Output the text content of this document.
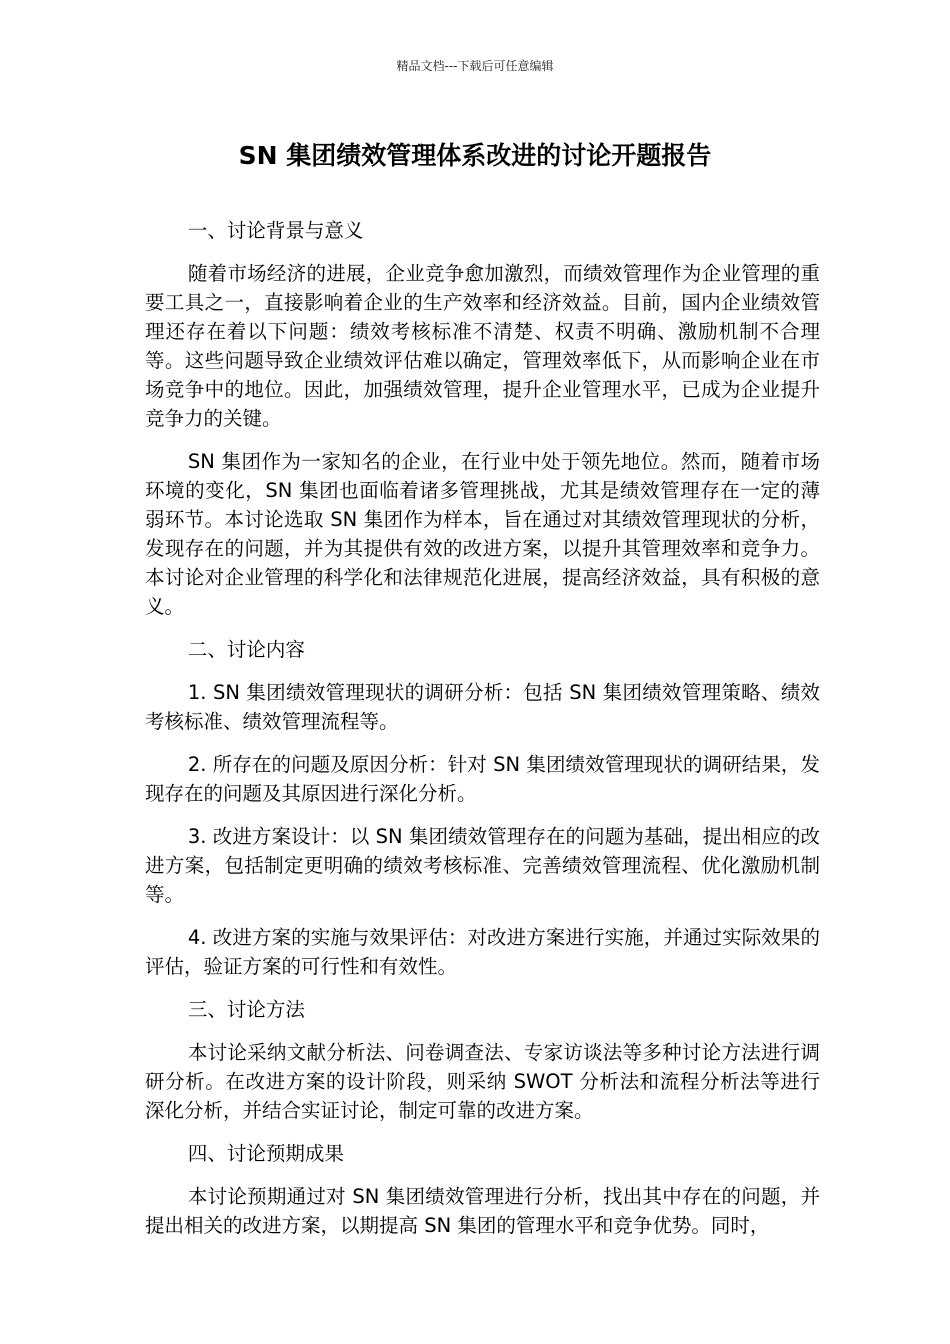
精品文档---下载后可任意编辑
SN 集团绩效管理体系改进的讨论开题报告

一、讨论背景与意义

随着市场经济的进展，企业竞争愈加激烈，而绩效管理作为企业管理的重要工具之一，直接影响着企业的生产效率和经济效益。目前，国内企业绩效管理还存在着以下问题：绩效考核标准不清楚、权责不明确、激励机制不合理等。这些问题导致企业绩效评估难以确定，管理效率低下，从而影响企业在市场竞争中的地位。因此，加强绩效管理，提升企业管理水平，已成为企业提升竞争力的关键。

SN 集团作为一家知名的企业，在行业中处于领先地位。然而，随着市场环境的变化，SN 集团也面临着诸多管理挑战，尤其是绩效管理存在一定的薄弱环节。本讨论选取 SN 集团作为样本，旨在通过对其绩效管理现状的分析，发现存在的问题，并为其提供有效的改进方案，以提升其管理效率和竞争力。本讨论对企业管理的科学化和法律规范化进展，提高经济效益，具有积极的意义。

二、讨论内容

1. SN 集团绩效管理现状的调研分析：包括 SN 集团绩效管理策略、绩效考核标准、绩效管理流程等。

2. 所存在的问题及原因分析：针对 SN 集团绩效管理现状的调研结果，发现存在的问题及其原因进行深化分析。

3. 改进方案设计：以 SN 集团绩效管理存在的问题为基础，提出相应的改进方案，包括制定更明确的绩效考核标准、完善绩效管理流程、优化激励机制等。

4. 改进方案的实施与效果评估：对改进方案进行实施，并通过实际效果的评估，验证方案的可行性和有效性。

三、讨论方法

本讨论采纳文献分析法、问卷调查法、专家访谈法等多种讨论方法进行调研分析。在改进方案的设计阶段，则采纳 SWOT 分析法和流程分析法等进行深化分析，并结合实证讨论，制定可靠的改进方案。

四、讨论预期成果

本讨论预期通过对 SN 集团绩效管理进行分析，找出其中存在的问题，并提出相关的改进方案，以期提高 SN 集团的管理水平和竞争优势。同时，
